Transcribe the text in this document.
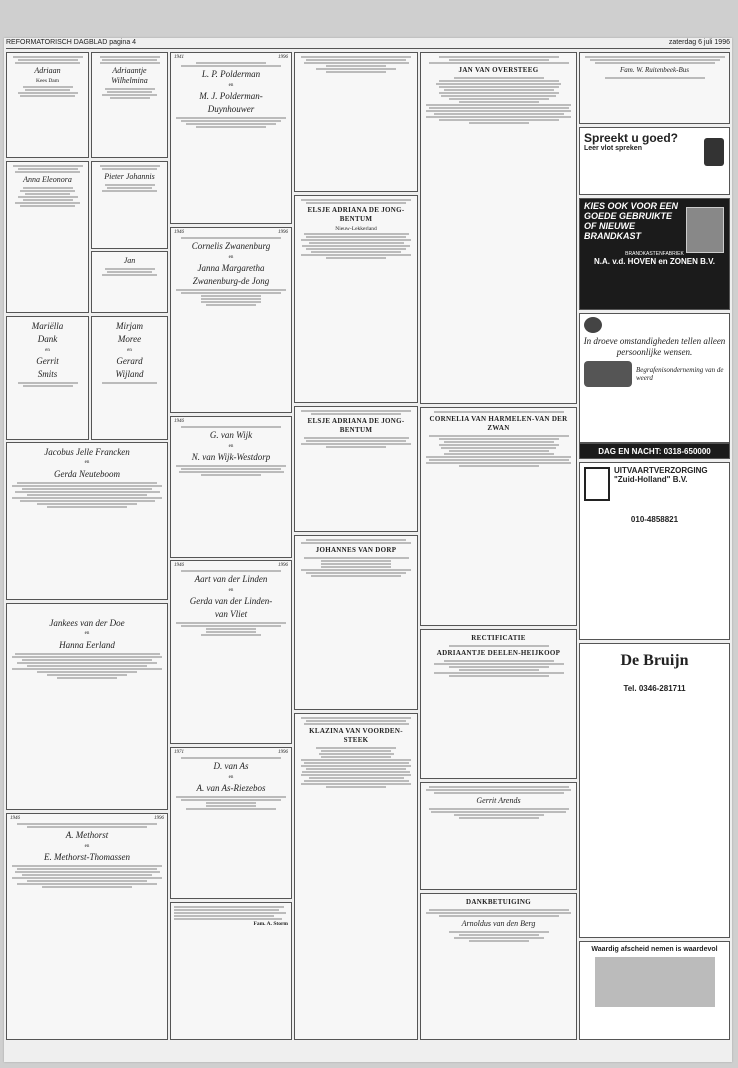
REFORMATORISCH DAGBLAD pagina 4	zaterdag 6 juli 1996
Adriaan

Kees Dam

Adriaantje Wilhelmina
Anna Eleonora	Pieter Johannis
Jan
Mariëlla
Dank
en
Gerrit
Smits
Mirjam
Moree
en
Gerard
Wijland
Jacobus Jelle Francken
en
Gerda Neuteboom
Jankees van der Doe
en
Hanna Eerland
1946	1996
A. Methorst
en
E. Methorst-Thomassen
1941	1996
L. P. Polderman
en
M. J. Polderman-
Duynhouwer
1946	1996
Cornelis Zwanenburg
en
Janna Margaretha
Zwanenburg-de Jong
1946
G. van Wijk
en
N. van Wijk-Westdorp
1946	1996
Aart van der Linden
en
Gerda van der Linden-
van Vliet
1971	1996
D. van As
en
A. van As-Riezebos

Fam. A. Storm

ELSJE ADRIANA DE JONG-BENTUM

Nieuw-Lekkerland

ELSJE ADRIANA DE JONG-BENTUM
JOHANNES VAN DORP
KLAZINA VAN VOORDEN-STEEK
JAN VAN OVERSTEEG
CORNELIA VAN HARMELEN-VAN DER ZWAN
RECTIFICATIE
ADRIAANTJE DEELEN-HEIJKOOP
Gerrit Arends
DANKBETUIGING
Arnoldus van den Berg
Fam. W. Ruitenbeek-Bus
Spreekt u goed?
Leer vlot spreken
KIES OOK VOOR EEN GOEDE GEBRUIKTE OF NIEUWE BRANDKAST
BRANDKASTENFABRIEK
N.A. v.d. HOVEN en ZONEN B.V.
In droeve omstandigheden tellen alleen persoonlijke wensen.
Begrafenisonderneming van de weerd
DAG EN NACHT: 0318-650000
UITVAARTVERZORGING "Zuid-Holland" B.V.
010-4858821
De Bruijn
Tel. 0346-281711
Waardig afscheid nemen is waardevol
